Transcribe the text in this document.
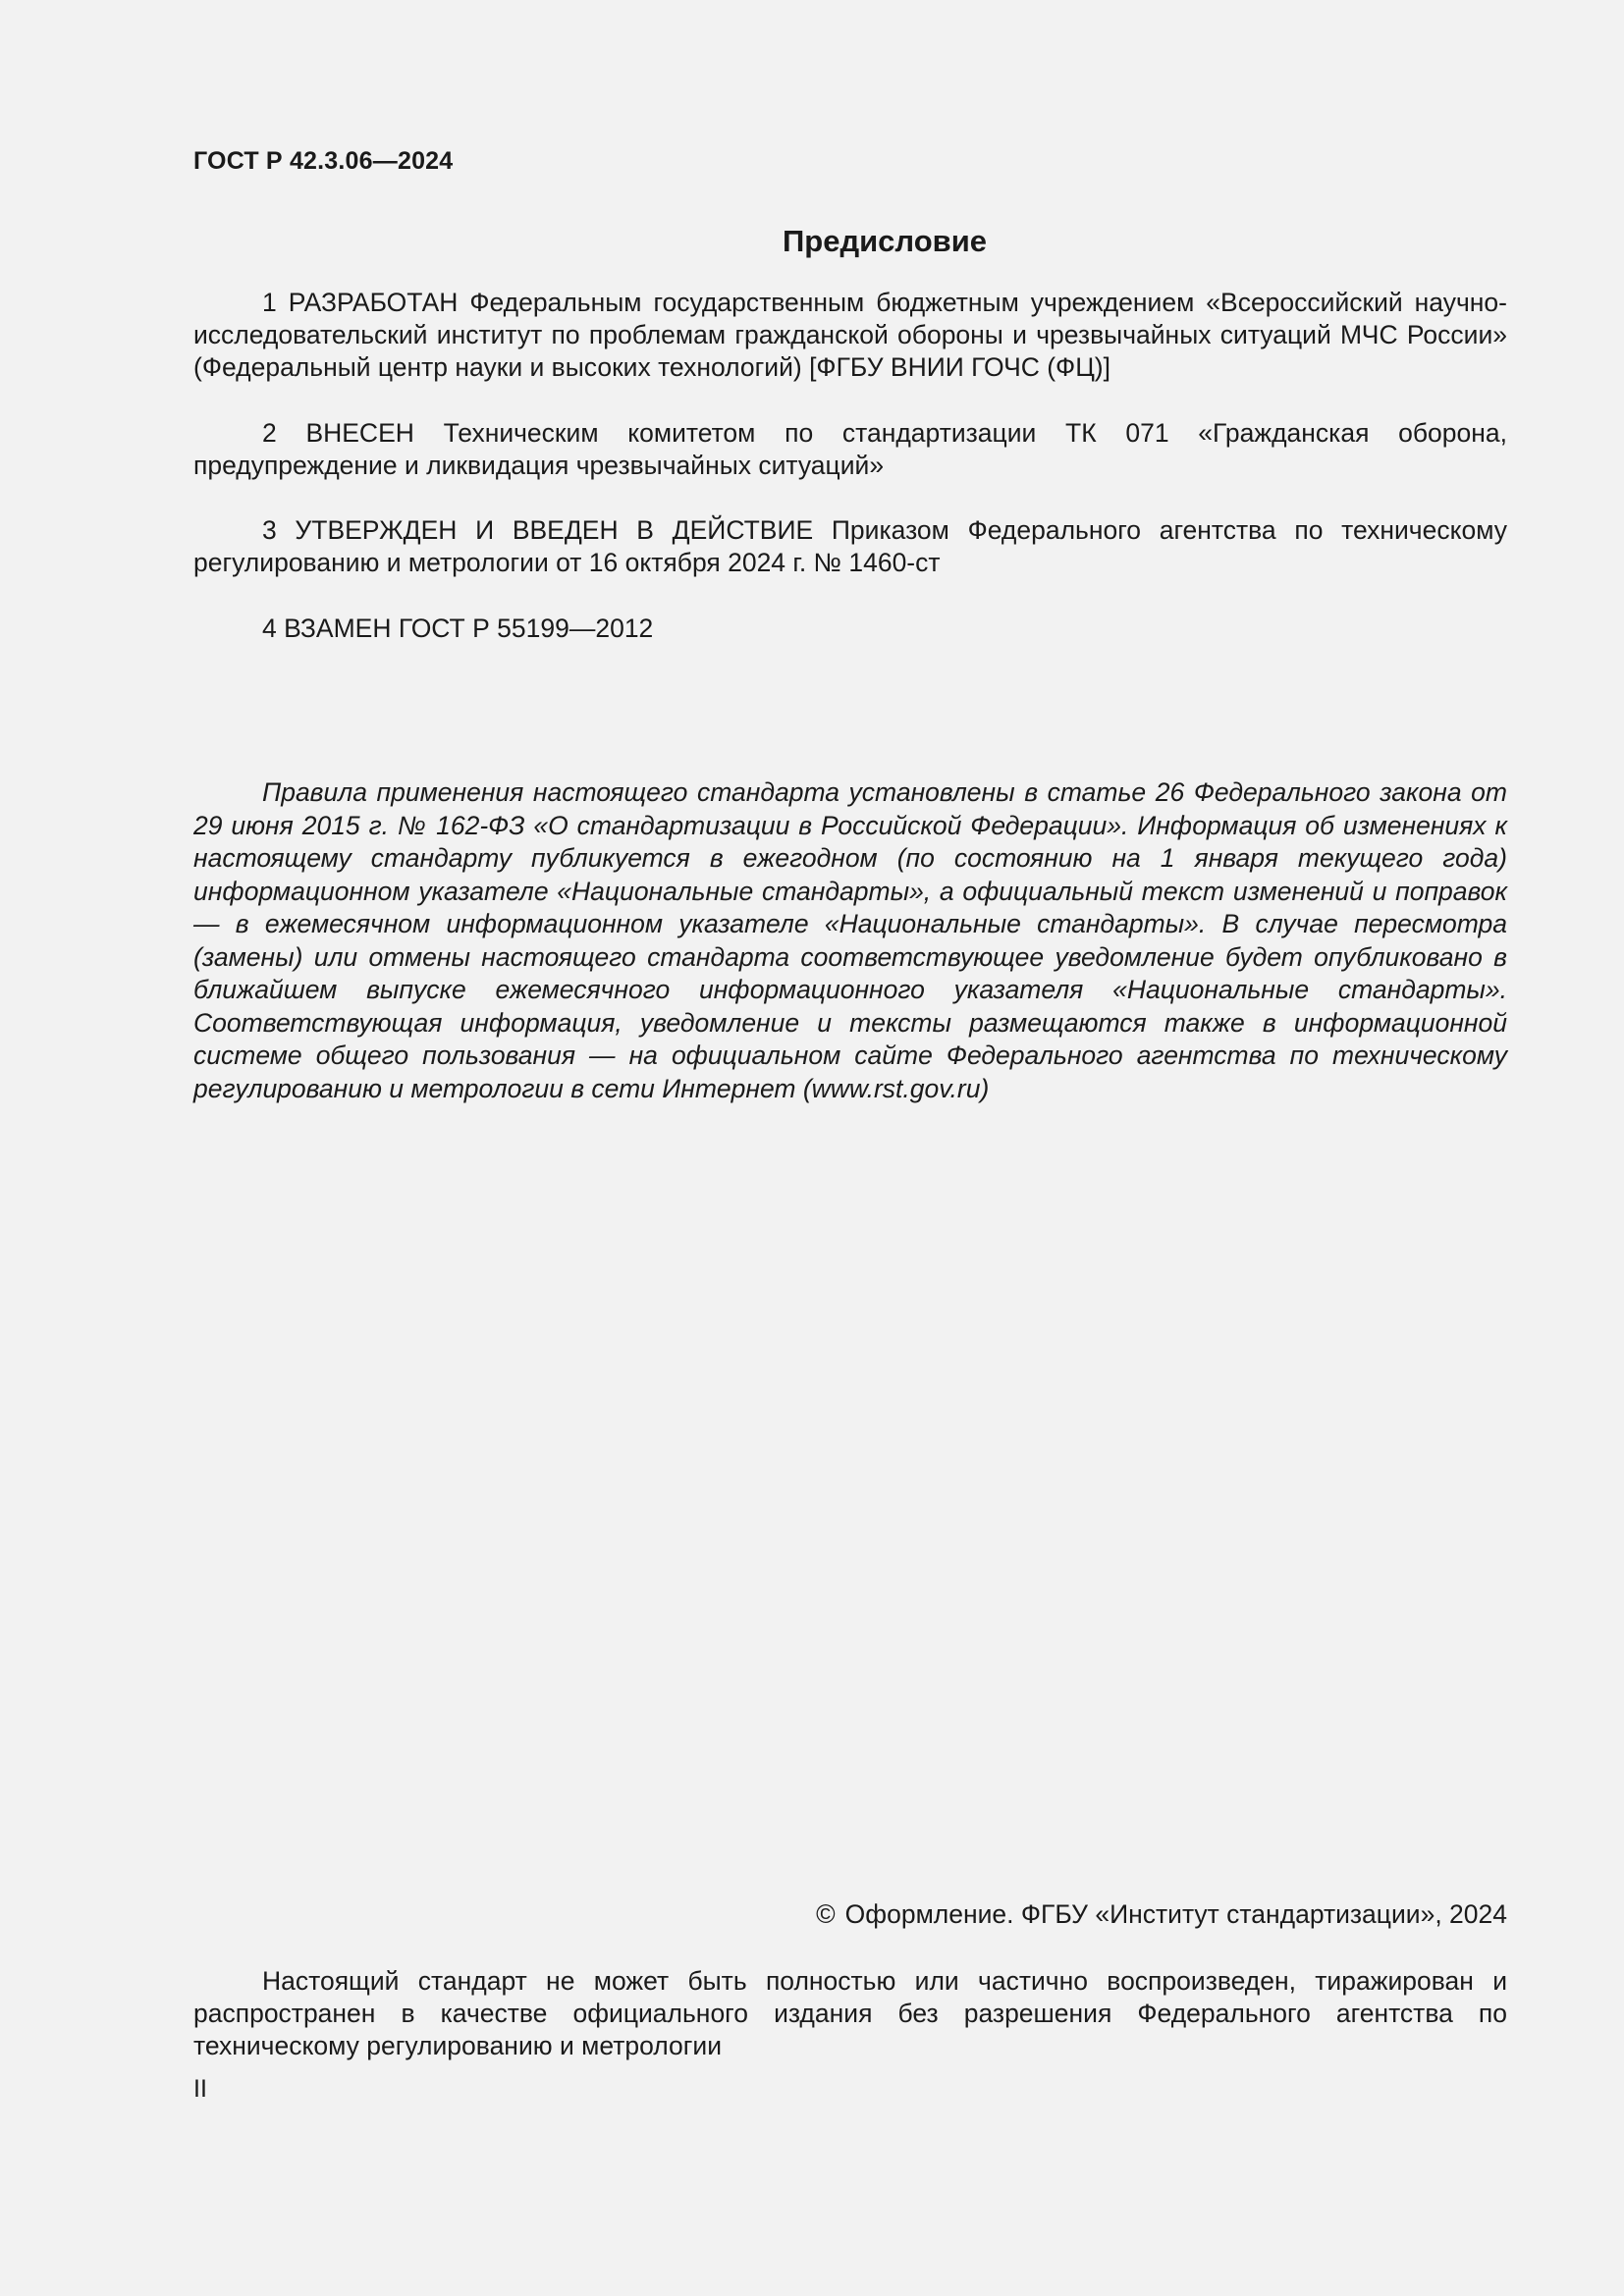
ГОСТ Р 42.3.06—2024
Предисловие

1 РАЗРАБОТАН Федеральным государственным бюджетным учреждением «Всероссийский научно-исследовательский институт по проблемам гражданской обороны и чрезвычайных ситуаций МЧС России» (Федеральный центр науки и высоких технологий) [ФГБУ ВНИИ ГОЧС (ФЦ)]

2 ВНЕСЕН Техническим комитетом по стандартизации ТК 071 «Гражданская оборона, предупреждение и ликвидация чрезвычайных ситуаций»

3 УТВЕРЖДЕН И ВВЕДЕН В ДЕЙСТВИЕ Приказом Федерального агентства по техническому регулированию и метрологии от 16 октября 2024 г. № 1460-ст

4 ВЗАМЕН ГОСТ Р 55199—2012

Правила применения настоящего стандарта установлены в статье 26 Федерального закона от 29 июня 2015 г. № 162-ФЗ «О стандартизации в Российской Федерации». Информация об изменениях к настоящему стандарту публикуется в ежегодном (по состоянию на 1 января текущего года) информационном указателе «Национальные стандарты», а официальный текст изменений и поправок — в ежемесячном информационном указателе «Национальные стандарты». В случае пересмотра (замены) или отмены настоящего стандарта соответствующее уведомление будет опубликовано в ближайшем выпуске ежемесячного информационного указателя «Национальные стандарты». Соответствующая информация, уведомление и тексты размещаются также в информационной системе общего пользования — на официальном сайте Федерального агентства по техническому регулированию и метрологии в сети Интернет (www.rst.gov.ru)

© Оформление. ФГБУ «Институт стандартизации», 2024

Настоящий стандарт не может быть полностью или частично воспроизведен, тиражирован и распространен в качестве официального издания без разрешения Федерального агентства по техническому регулированию и метрологии

II
